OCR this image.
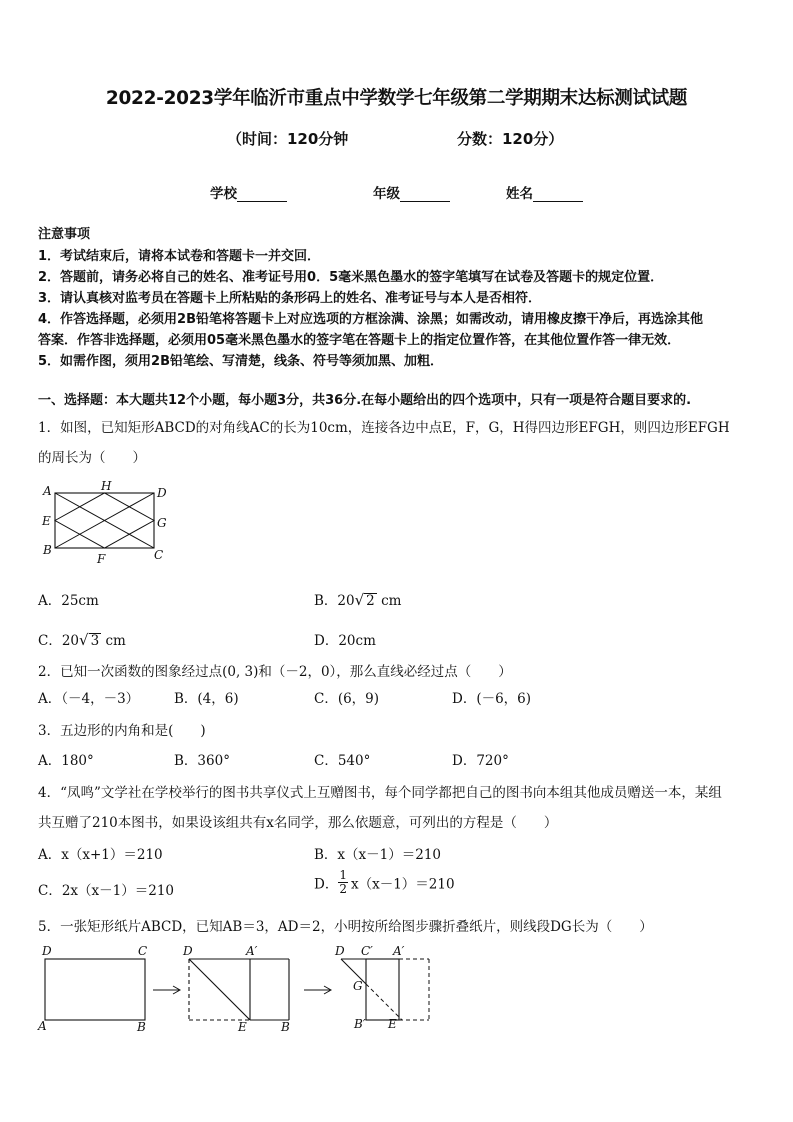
2022-2023学年临沂市重点中学数学七年级第二学期期末达标测试试题
（时间：120分钟	分数：120分）
学校	年级	姓名
注意事项
1．考试结束后，请将本试卷和答题卡一并交回．
2．答题前，请务必将自己的姓名、准考证号用0．5毫米黑色墨水的签字笔填写在试卷及答题卡的规定位置．
3．请认真核对监考员在答题卡上所粘贴的条形码上的姓名、准考证号与本人是否相符．
4．作答选择题，必须用2B铅笔将答题卡上对应选项的方框涂满、涂黑；如需改动，请用橡皮擦干净后，再选涂其他
答案．作答非选择题，必须用05毫米黑色墨水的签字笔在答题卡上的指定位置作答，在其他位置作答一律无效．
5．如需作图，须用2B铅笔绘、写清楚，线条、符号等须加黑、加粗．
一、选择题：本大题共12个小题，每小题3分，共36分.在每小题给出的四个选项中，只有一项是符合题目要求的.
1．如图，已知矩形ABCD的对角线AC的长为10cm，连接各边中点E，F，G，H得四边形EFGH，则四边形EFGH
的周长为（　　）
A	H	D
E	G
B
F	C
A．25cm	B．20√ 2 cm
C．20√ 3 cm	D．20cm
2．已知一次函数的图象经过点(0, 3)和（－2，0），那么直线必经过点（　　）
A．（－4，－3）	B．(4，6)	C．(6，9)	D．(－6，6)
3．五边形的内角和是(　　)
A．180°	B．360°	C．540°	D．720°
4．“凤鸣”文学社在学校举行的图书共享仪式上互赠图书，每个同学都把自己的图书向本组其他成员赠送一本，某组
共互赠了210本图书，如果设该组共有x名同学，那么依题意，可列出的方程是（　　）
A．x（x+1）＝210	B．x（x－1）＝210
C．2x（x－1）＝210	D． $\frac{1}{2} x(x-1)=210$
5．一张矩形纸片ABCD，已知AB＝3，AD＝2，小明按所给图步骤折叠纸片，则线段DG长为（　　）
D	C
A	B
D	A′
E	B
D C′ A′
G
B′ E
